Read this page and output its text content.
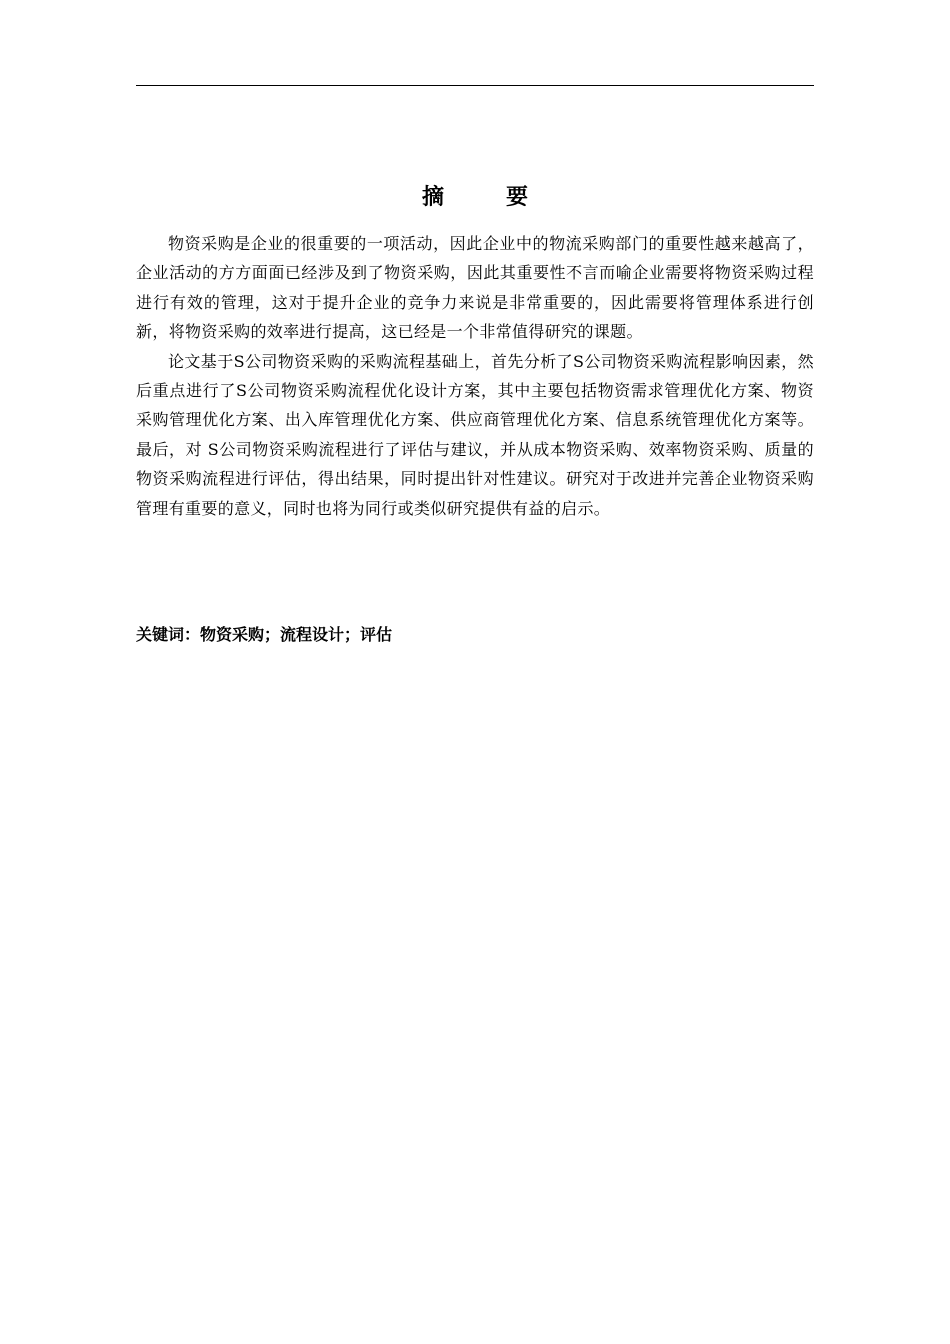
摘	要

物资采购是企业的很重要的一项活动，因此企业中的物流采购部门的重要性越来越高了，企业活动的方方面面已经涉及到了物资采购，因此其重要性不言而喻企业需要将物资采购过程进行有效的管理，这对于提升企业的竞争力来说是非常重要的，因此需要将管理体系进行创新，将物资采购的效率进行提高，这已经是一个非常值得研究的课题。

论文基于S公司物资采购的采购流程基础上，首先分析了S公司物资采购流程影响因素，然后重点进行了S公司物资采购流程优化设计方案，其中主要包括物资需求管理优化方案、物资采购管理优化方案、出入库管理优化方案、供应商管理优化方案、信息系统管理优化方案等。最后，对 S公司物资采购流程进行了评估与建议，并从成本物资采购、效率物资采购、质量的物资采购流程进行评估，得出结果，同时提出针对性建议。研究对于改进并完善企业物资采购管理有重要的意义，同时也将为同行或类似研究提供有益的启示。

关键词：物资采购；流程设计；评估
